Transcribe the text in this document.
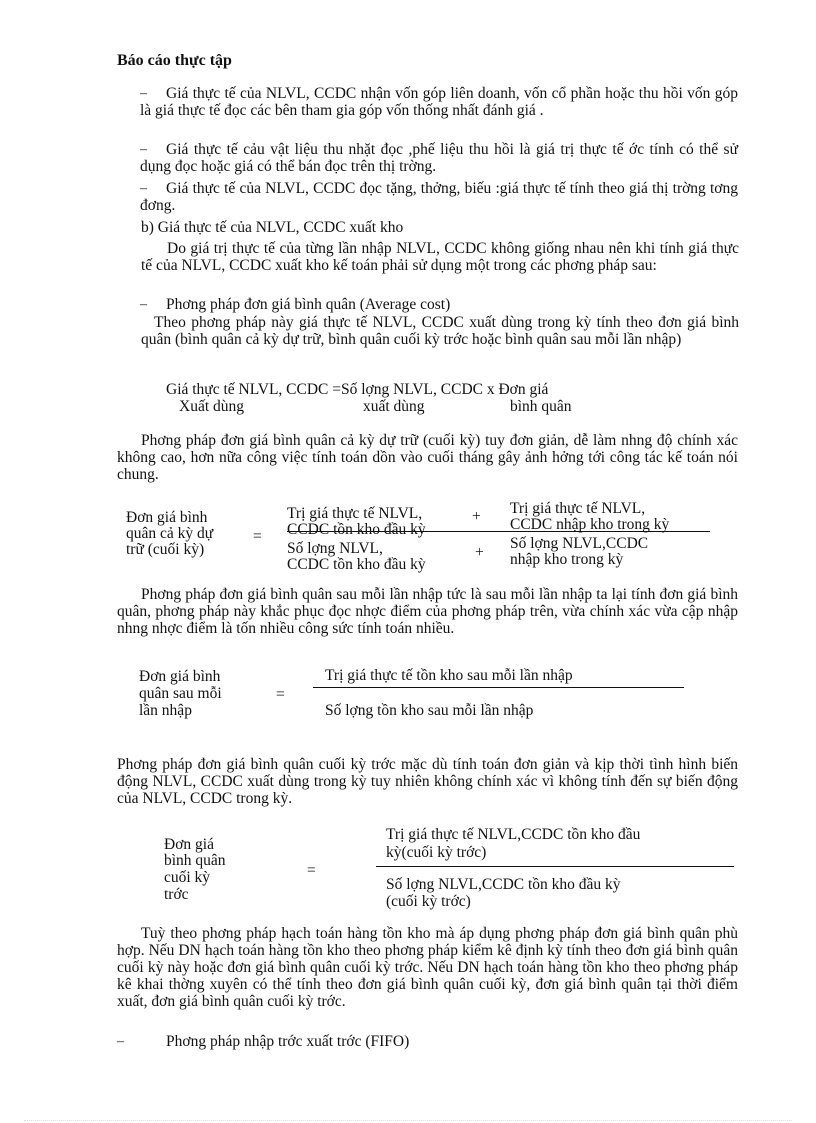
Báo cáo thực tập
–	Giá thực tế của NLVL, CCDC nhận vốn góp liên doanh, vốn cổ phần hoặc thu hồi vốn góp là giá thực tế đọc các bên tham gia góp vốn thống nhất đánh giá .
–	Giá thực tế cảu vật liệu thu nhặt đọc ,phế liệu thu hồi là giá trị thực tế ớc tính có thể sử dụng đọc hoặc giá có thể bán đọc trên thị trờng.
–	Giá thực tế của NLVL, CCDC đọc tặng, thởng, biếu :giá thực tế tính theo giá thị trờng tơng đơng.
b) Giá thực tế của NLVL, CCDC xuất kho
Do giá trị thực tế của từng lần nhập NLVL, CCDC không giống nhau nên khi tính giá thực tế của NLVL, CCDC xuất kho kế toán phải sử dụng một trong các phơng pháp sau:
– Phơng pháp đơn giá bình quân (Average cost)
Theo phơng pháp này giá thực tế NLVL, CCDC xuất dùng trong kỳ tính theo đơn giá bình quân (bình quân cả kỳ dự trữ, bình quân cuối kỳ trớc hoặc bình quân sau mỗi lần nhập)
Giá thực tế NLVL, CCDC =Số lợng NLVL, CCDC x Đơn giá
Xuất dùng	xuất dùng	bình quân
Phơng pháp đơn giá bình quân cả kỳ dự trữ (cuối kỳ) tuy đơn giản, dễ làm nhng độ chính xác không cao, hơn nữa công việc tính toán dồn vào cuối tháng gây ảnh hởng tới công tác kế toán nói chung.
Đơn giá bình
quân cả kỳ dự
trữ (cuối kỳ)
=
Trị giá thực tế NLVL,
CCDC tồn kho đầu kỳ
+ Trị giá thực tế NLVL,
CCDC nhập kho trong kỳ
Số lợng NLVL,
CCDC tồn kho đầu kỳ
+
Số lợng NLVL,CCDC
nhập kho trong kỳ
Phơng pháp đơn giá bình quân sau mỗi lần nhập tức là sau mỗi lần nhập ta lại tính đơn giá bình quân, phơng pháp này khắc phục đọc nhợc điểm của phơng pháp trên, vừa chính xác vừa cập nhập nhng nhợc điểm là tốn nhiều công sức tính toán nhiều.
Đơn giá bình
quân sau mỗi
lần nhập
=
Trị giá thực tế tồn kho sau mỗi lần nhập
Số lợng tồn kho sau mỗi lần nhập
Phơng pháp đơn giá bình quân cuối kỳ trớc mặc dù tính toán đơn giản và kịp thời tình hình biến động NLVL, CCDC xuất dùng trong kỳ tuy nhiên không chính xác vì không tính đến sự biến động của NLVL, CCDC trong kỳ.
Đơn giá
bình quân
cuối kỳ
trớc
=
Trị giá thực tế NLVL,CCDC tồn kho đầu
kỳ(cuối kỳ trớc)
Số lợng NLVL,CCDC tồn kho đầu kỳ
(cuối kỳ trớc)
Tuỳ theo phơng pháp hạch toán hàng tồn kho mà áp dụng phơng pháp đơn giá bình quân phù hợp. Nếu DN hạch toán hàng tồn kho theo phơng pháp kiểm kê định kỳ tính theo đơn giá bình quân cuối kỳ này hoặc đơn giá bình quân cuối kỳ trớc. Nếu DN hạch toán hàng tồn kho theo phơng pháp kê khai thờng xuyên có thể tính theo đơn giá bình quân cuối kỳ, đơn giá bình quân tại thời điểm xuất, đơn giá bình quân cuối kỳ trớc.
–	Phơng pháp nhập trớc xuất trớc (FIFO)
